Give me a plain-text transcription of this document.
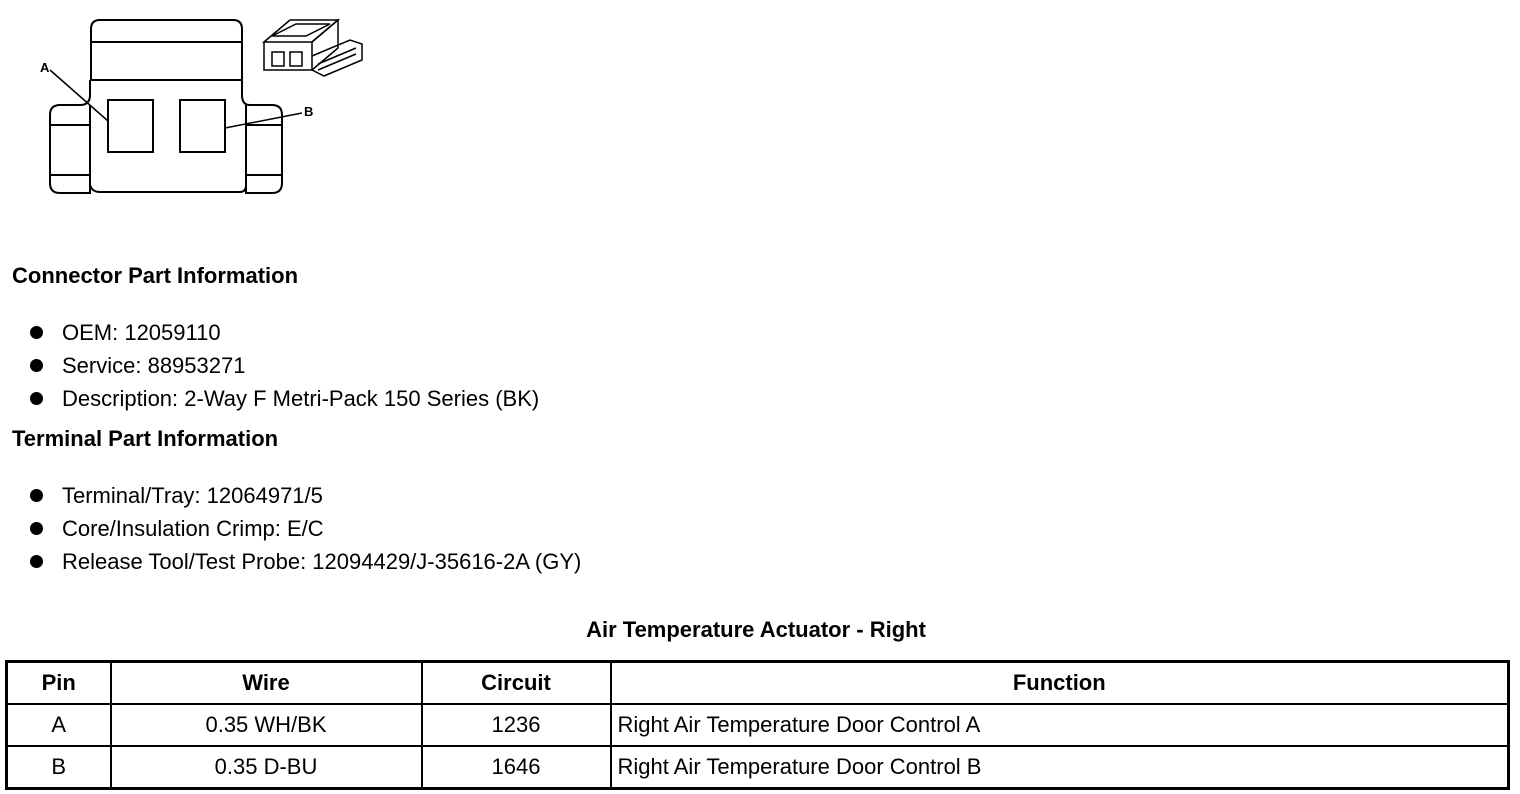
A
B
Connector Part Information
OEM: 12059110
Service: 88953271
Description: 2-Way F Metri-Pack 150 Series (BK)
Terminal Part Information
Terminal/Tray: 12064971/5
Core/Insulation Crimp: E/C
Release Tool/Test Probe: 12094429/J-35616-2A (GY)
Air Temperature Actuator - Right
Pin	Wire	Circuit	Function
A	0.35 WH/BK	1236	Right Air Temperature Door Control A
B	0.35 D-BU	1646	Right Air Temperature Door Control B
